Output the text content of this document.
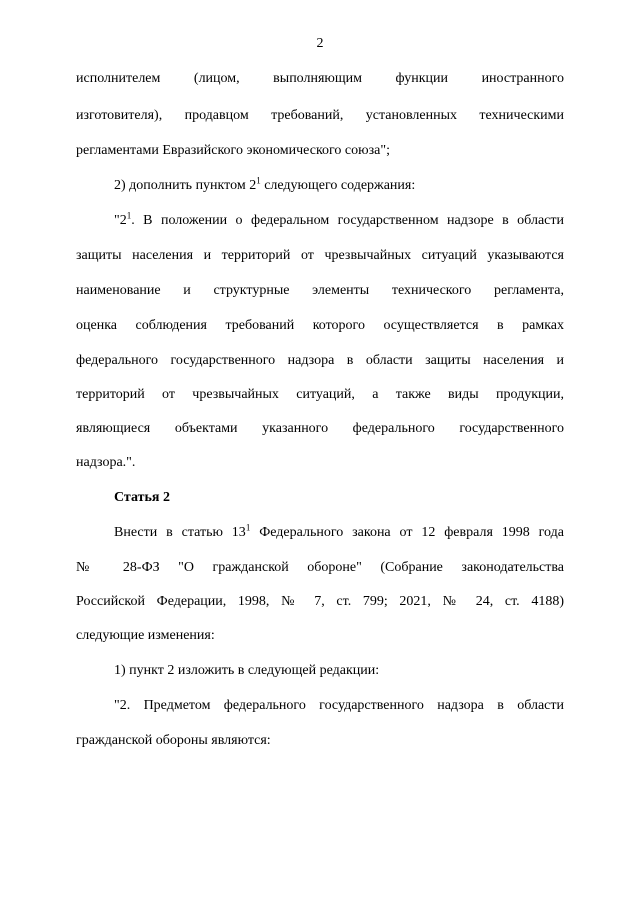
2
исполнителем (лицом, выполняющим функции иностранного
изготовителя), продавцом требований, установленных техническими
регламентами Евразийского экономического союза";
2) дополнить пунктом $2^1$ следующего содержания:
"$2^1$. В положении о федеральном государственном надзоре в области
защиты населения и территорий от чрезвычайных ситуаций указываются
наименование и структурные элементы технического регламента,
оценка соблюдения требований которого осуществляется в рамках
федерального государственного надзора в области защиты населения и
территорий от чрезвычайных ситуаций, а также виды продукции,
являющиеся объектами указанного федерального государственного
надзора.".
Статья 2
Внести в статью $13^1$ Федерального закона от 12 февраля 1998 года
№ 28-ФЗ "О гражданской обороне" (Собрание законодательства
Российской Федерации, 1998, № 7, ст. 799; 2021, № 24, ст. 4188)
следующие изменения:
1) пункт 2 изложить в следующей редакции:
"2. Предметом федерального государственного надзора в области
гражданской обороны являются:
